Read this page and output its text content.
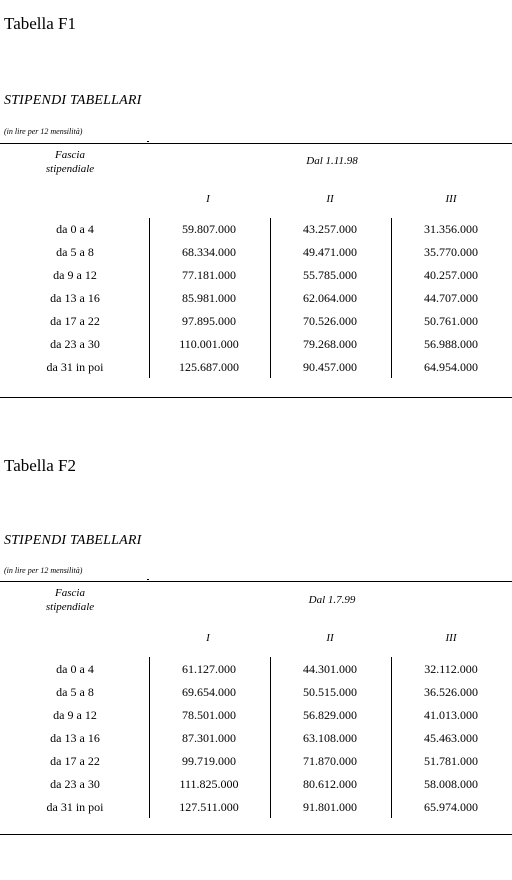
Tabella F1
STIPENDI TABELLARI
(in lire per 12 mensilità)
Fascia
stipendiale
Dal 1.11.98
I	II	III
da 0 a 4	59.807.000	43.257.000	31.356.000
da 5 a 8	68.334.000	49.471.000	35.770.000
da 9 a 12	77.181.000	55.785.000	40.257.000
da 13 a 16	85.981.000	62.064.000	44.707.000
da 17 a 22	97.895.000	70.526.000	50.761.000
da 23 a 30	110.001.000	79.268.000	56.988.000
da 31 in poi	125.687.000	90.457.000	64.954.000
Tabella F2
STIPENDI TABELLARI
(in lire per 12 mensilità)
Fascia
stipendiale
Dal 1.7.99
I	II	III
da 0 a 4	61.127.000	44.301.000	32.112.000
da 5 a 8	69.654.000	50.515.000	36.526.000
da 9 a 12	78.501.000	56.829.000	41.013.000
da 13 a 16	87.301.000	63.108.000	45.463.000
da 17 a 22	99.719.000	71.870.000	51.781.000
da 23 a 30	111.825.000	80.612.000	58.008.000
da 31 in poi	127.511.000	91.801.000	65.974.000
